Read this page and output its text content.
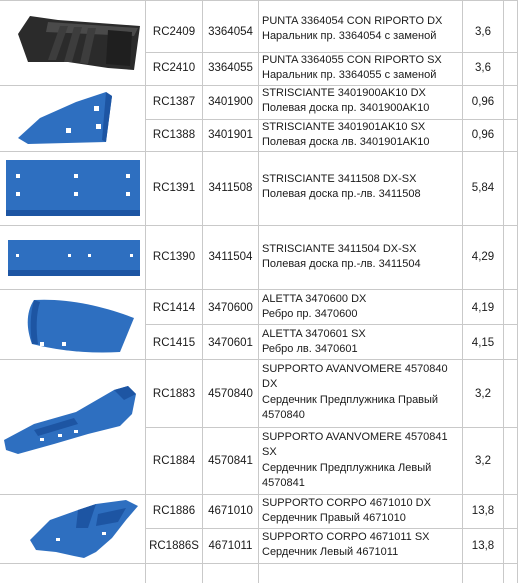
RC2409	3364054
PUNTA 3364054 CON RIPORTO DX
Нарaльник пр. 3364054 с заменой	3,6
RC2410	3364055
PUNTA 3364055 CON RIPORTO SX
Нарaльник пр. 3364055 с заменой
3,6
RC1387	3401900
STRISCIANTE 3401900AK10 DX
Полевая доска пр. 3401900AK10
0,96
RC1388	3401901
STRISCIANTE 3401901AK10 SX
Полевая доска лв. 3401901AK10
0,96
RC1391	3411508
STRISCIANTE 3411508 DX-SX
Полевая доска пр.-лв. 3411508
5,84
RC1390	3411504
STRISCIANTE 3411504 DX-SX
Полевая доска пр.-лв. 3411504
4,29
RC1414	3470600
ALETTA 3470600 DX
Ребро пр. 3470600
4,19
RC1415	3470601
ALETTA 3470601 SX
Ребро лв. 3470601
4,15
RC1883	4570840
SUPPORTO AVANVOMERE 4570840 DX
Сердечник Предплужника Правый 4570840
3,2
RC1884	4570841
SUPPORTO AVANVOMERE 4570841 SX
Сердечник Предплужника Левый 4570841
3,2
RC1886	4671010
SUPPORTO CORPO 4671010 DX
Сердечник Правый 4671010
13,8
RC1886S 4671011
SUPPORTO CORPO 4671011 SX
Сердечник Левый 4671011
13,8
